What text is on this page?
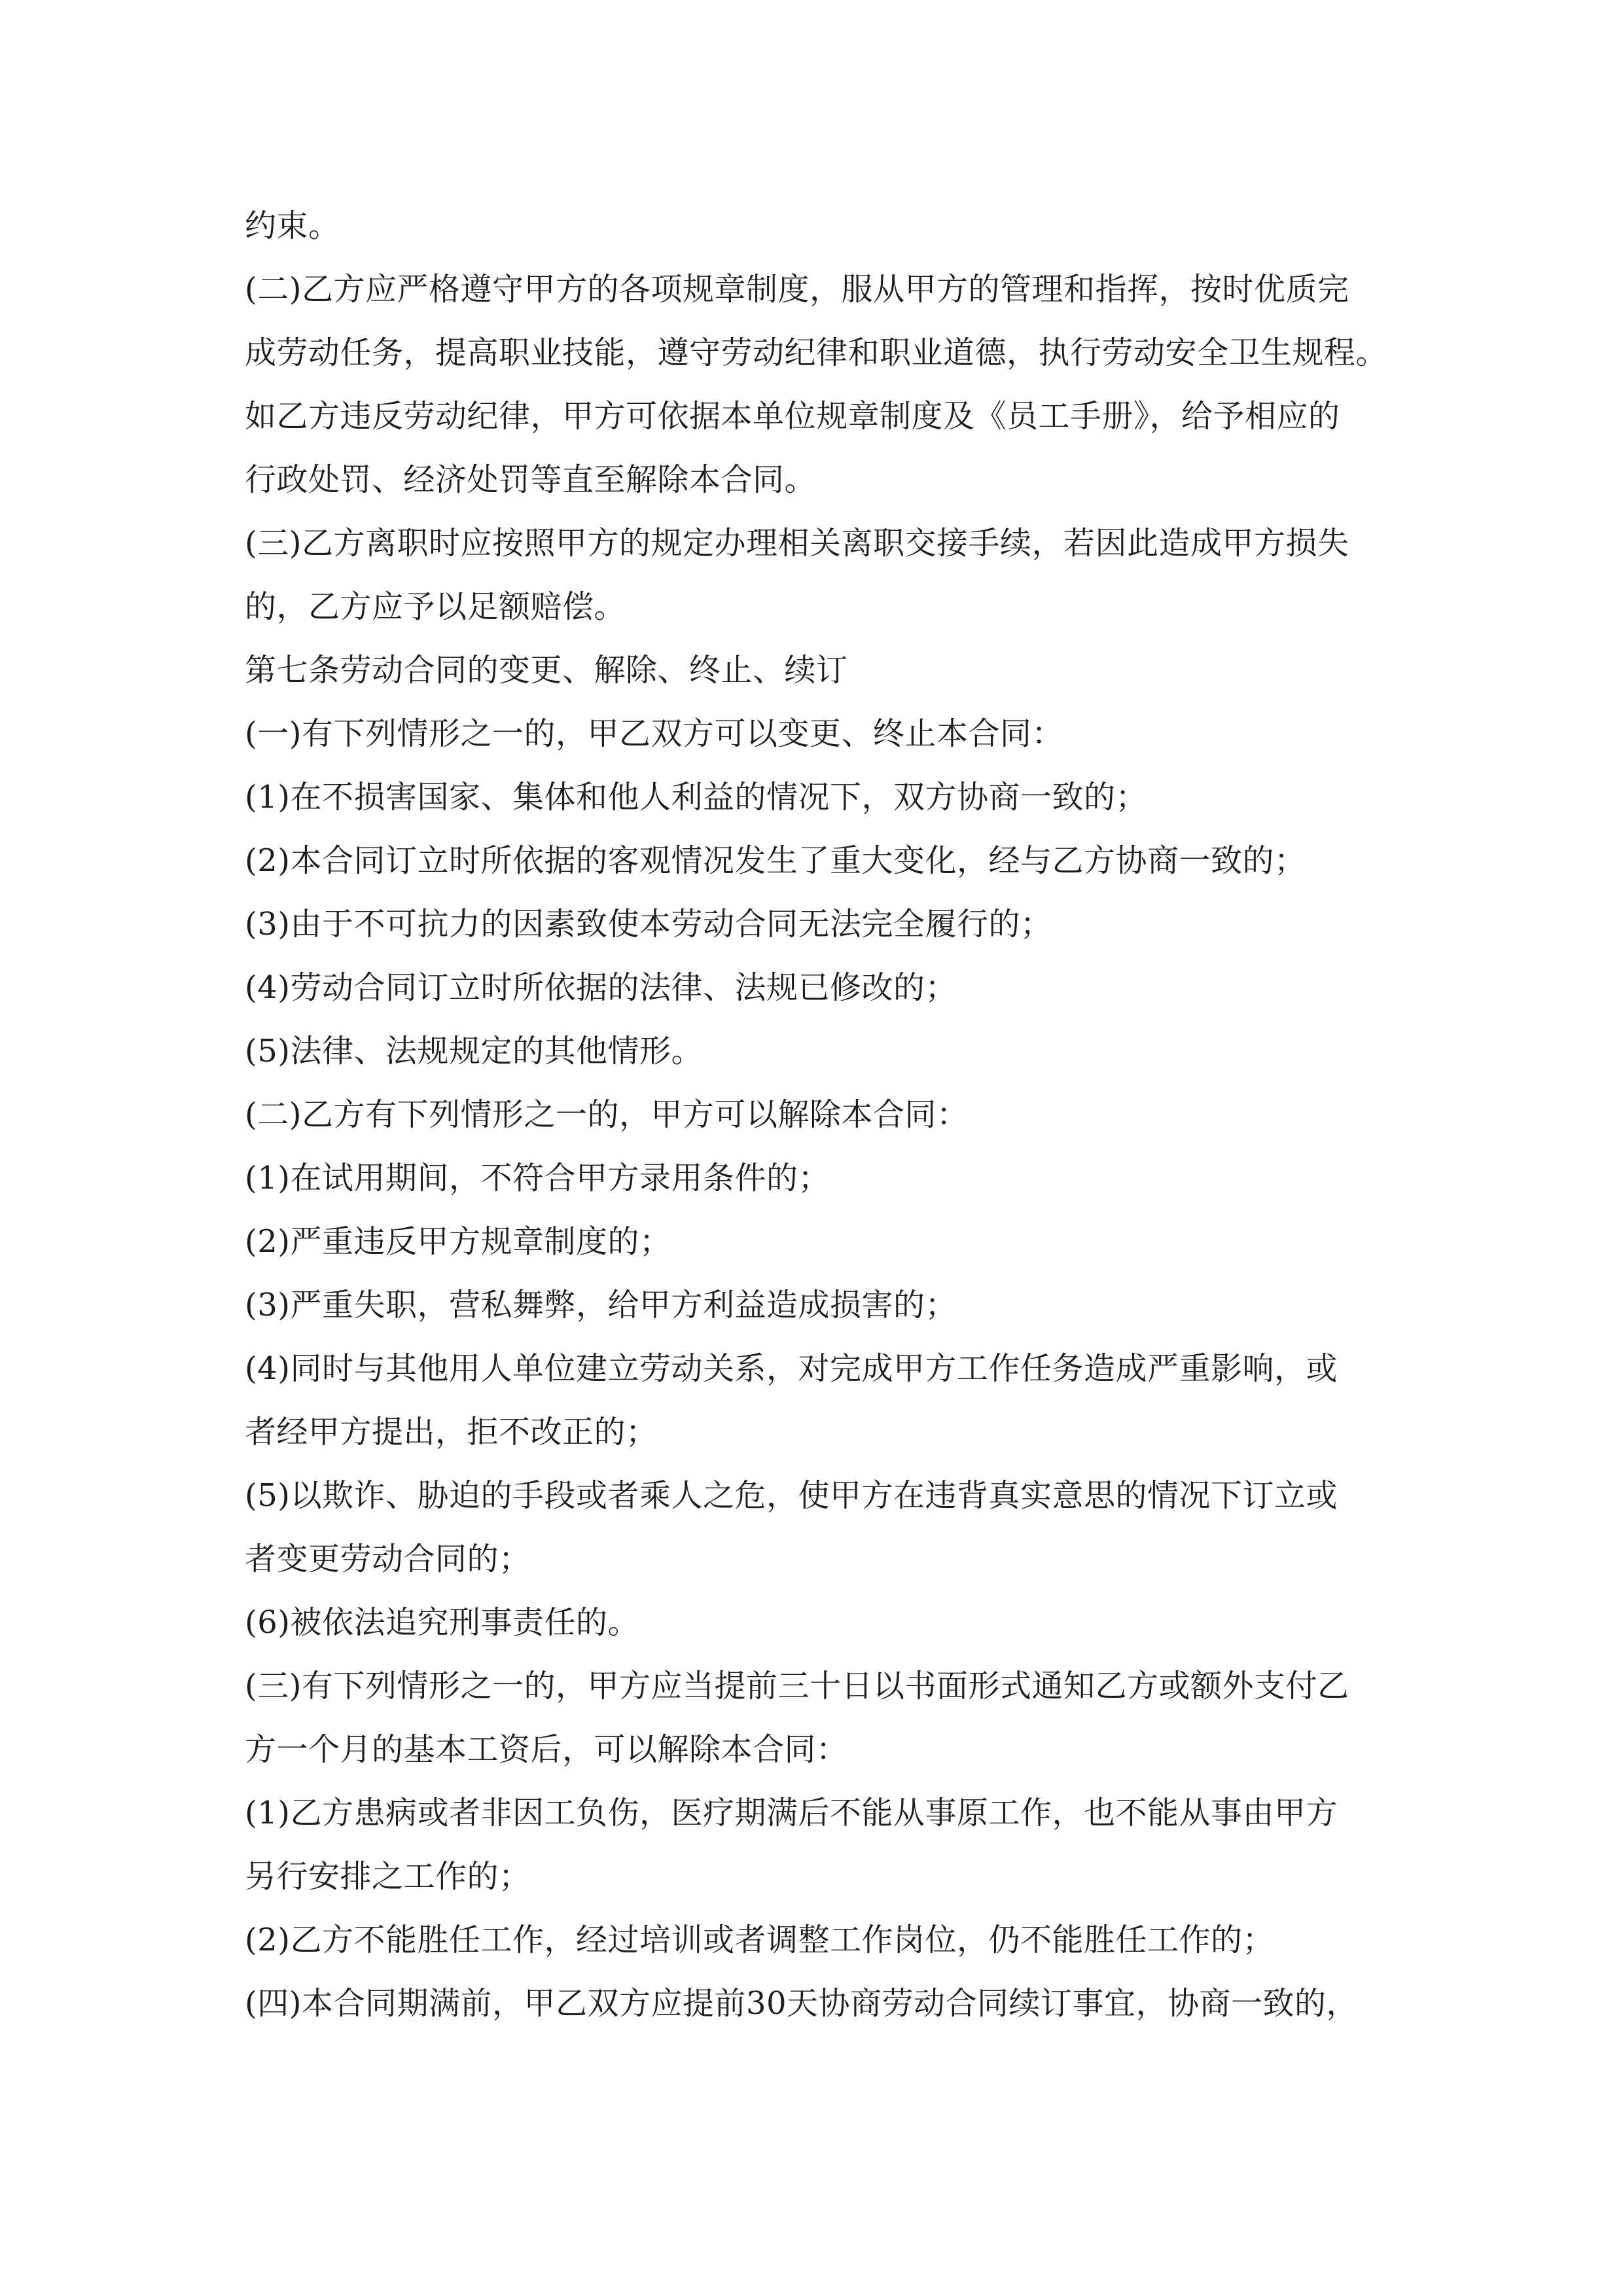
约束。
(二)乙方应严格遵守甲方的各项规章制度，服从甲方的管理和指挥，按时优质完
成劳动任务，提高职业技能，遵守劳动纪律和职业道德，执行劳动安全卫生规程。
如乙方违反劳动纪律，甲方可依据本单位规章制度及《员工手册》，给予相应的
行政处罚、经济处罚等直至解除本合同。
(三)乙方离职时应按照甲方的规定办理相关离职交接手续，若因此造成甲方损失
的，乙方应予以足额赔偿。
第七条劳动合同的变更、解除、终止、续订
(一)有下列情形之一的，甲乙双方可以变更、终止本合同：
(1)在不损害国家、集体和他人利益的情况下，双方协商一致的；
(2)本合同订立时所依据的客观情况发生了重大变化，经与乙方协商一致的；
(3)由于不可抗力的因素致使本劳动合同无法完全履行的；
(4)劳动合同订立时所依据的法律、法规已修改的；
(5)法律、法规规定的其他情形。
(二)乙方有下列情形之一的，甲方可以解除本合同：
(1)在试用期间，不符合甲方录用条件的；
(2)严重违反甲方规章制度的；
(3)严重失职，营私舞弊，给甲方利益造成损害的；
(4)同时与其他用人单位建立劳动关系，对完成甲方工作任务造成严重影响，或
者经甲方提出，拒不改正的；
(5)以欺诈、胁迫的手段或者乘人之危，使甲方在违背真实意思的情况下订立或
者变更劳动合同的；
(6)被依法追究刑事责任的。
(三)有下列情形之一的，甲方应当提前三十日以书面形式通知乙方或额外支付乙
方一个月的基本工资后，可以解除本合同：
(1)乙方患病或者非因工负伤，医疗期满后不能从事原工作，也不能从事由甲方
另行安排之工作的；
(2)乙方不能胜任工作，经过培训或者调整工作岗位，仍不能胜任工作的；
(四)本合同期满前，甲乙双方应提前30天协商劳动合同续订事宜，协商一致的，
